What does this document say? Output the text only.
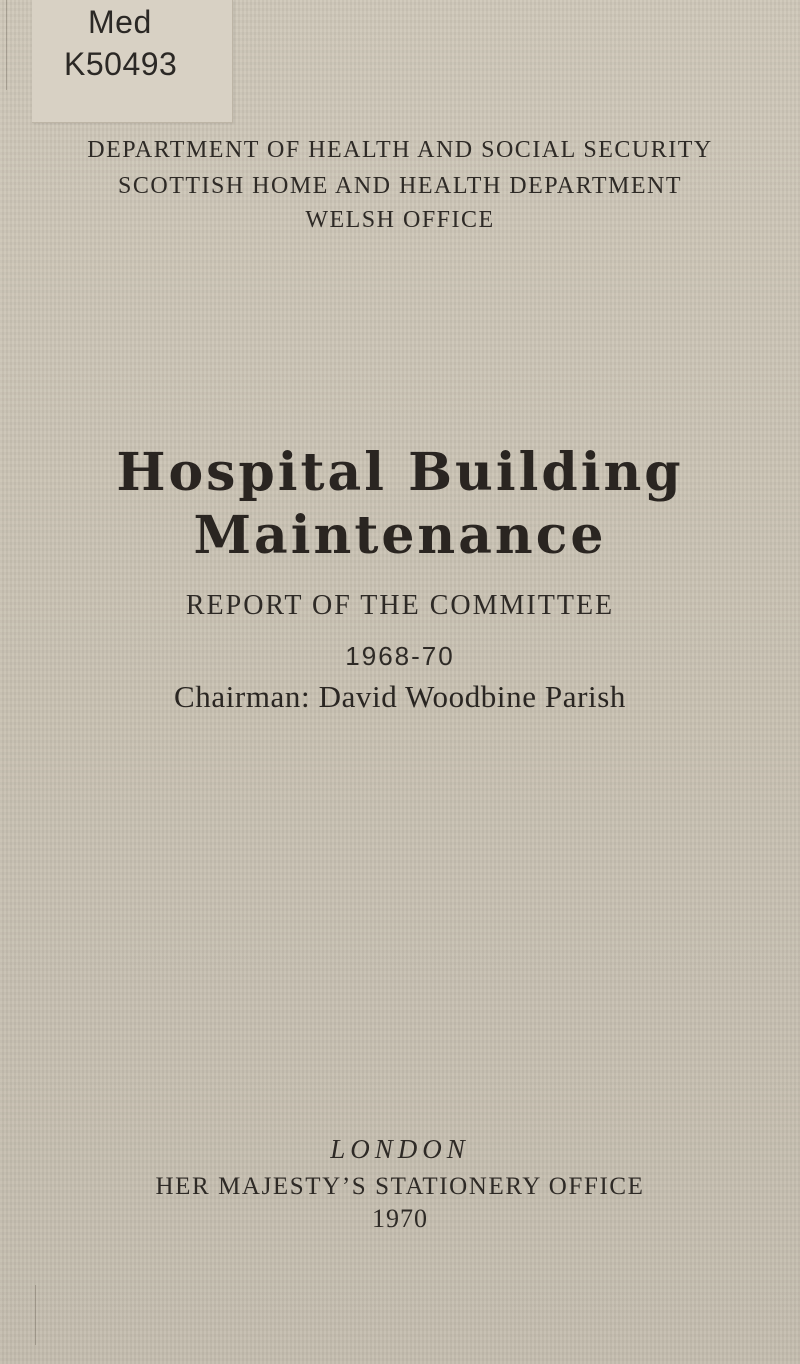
Med
K50493
DEPARTMENT OF HEALTH AND SOCIAL SECURITY
SCOTTISH HOME AND HEALTH DEPARTMENT
WELSH OFFICE
Hospital Building
Maintenance
REPORT OF THE COMMITTEE
1968-70
Chairman: David Woodbine Parish
LONDON
HER MAJESTY’S STATIONERY OFFICE
1970
